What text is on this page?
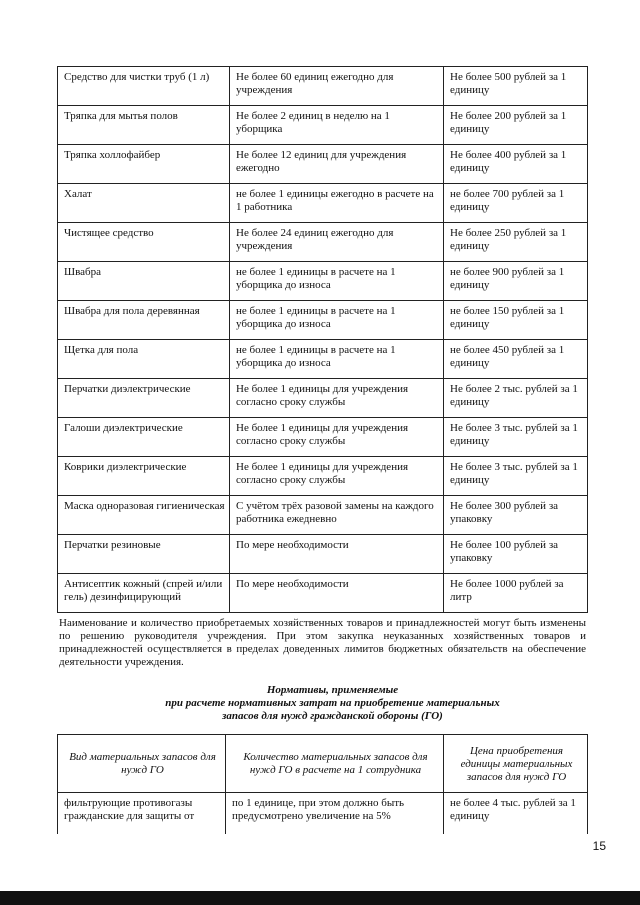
Средство для чистки труб (1 л)	Не более 60 единиц ежегодно для учреждения	Не более 500 рублей за 1 единицу
Тряпка для мытья полов	Не более 2 единиц в неделю на 1 уборщика	Не более 200 рублей за 1 единицу
Тряпка холлофайбер	Не более 12 единиц для учреждения ежегодно	Не более 400 рублей за 1 единицу
Халат	не более 1 единицы ежегодно в расчете на 1 работника	не более 700 рублей за 1 единицу
Чистящее средство	Не более 24 единиц ежегодно для учреждения	Не более 250 рублей за 1 единицу
Швабра	не более 1 единицы в расчете на 1 уборщика до износа	не более 900 рублей за 1 единицу
Швабра для пола деревянная	не более 1 единицы в расчете на 1 уборщика до износа	не более 150 рублей за 1 единицу
Щетка для пола	не более 1 единицы в расчете на 1 уборщика до износа	не более 450 рублей за 1 единицу
Перчатки диэлектрические	Не более 1 единицы для учреждения согласно сроку службы	Не более 2 тыс. рублей за 1 единицу
Галоши диэлектрические	Не более 1 единицы для учреждения согласно сроку службы	Не более 3 тыс. рублей за 1 единицу
Коврики диэлектрические	Не более 1 единицы для учреждения согласно сроку службы	Не более 3 тыс. рублей за 1 единицу
Маска одноразовая гигиеническая	С учётом трёх разовой замены на каждого работника ежедневно	Не более 300 рублей за упаковку
Перчатки резиновые	По мере необходимости	Не более 100 рублей за упаковку
Антисептик кожный (спрей и/или гель) дезинфицирующий	По мере необходимости	Не более 1000 рублей за литр

Наименование и количество приобретаемых хозяйственных товаров и принадлежностей могут быть изменены по решению руководителя учреждения. При этом закупка неуказанных хозяйственных товаров и принадлежностей осуществляется в пределах доведенных лимитов бюджетных обязательств на обеспечение деятельности учреждения.

Нормативы, применяемые
при расчете нормативных затрат на приобретение материальных
запасов для нужд гражданской обороны (ГО)
Вид материальных запасов для нужд ГО	Количество материальных запасов для нужд ГО в расчете на 1 сотрудника	Цена приобретения единицы материальных запасов для нужд ГО
фильтрующие противогазы гражданские для защиты от	по 1 единице, при этом должно быть предусмотрено увеличение на 5%	не более 4 тыс. рублей за 1 единицу
15
